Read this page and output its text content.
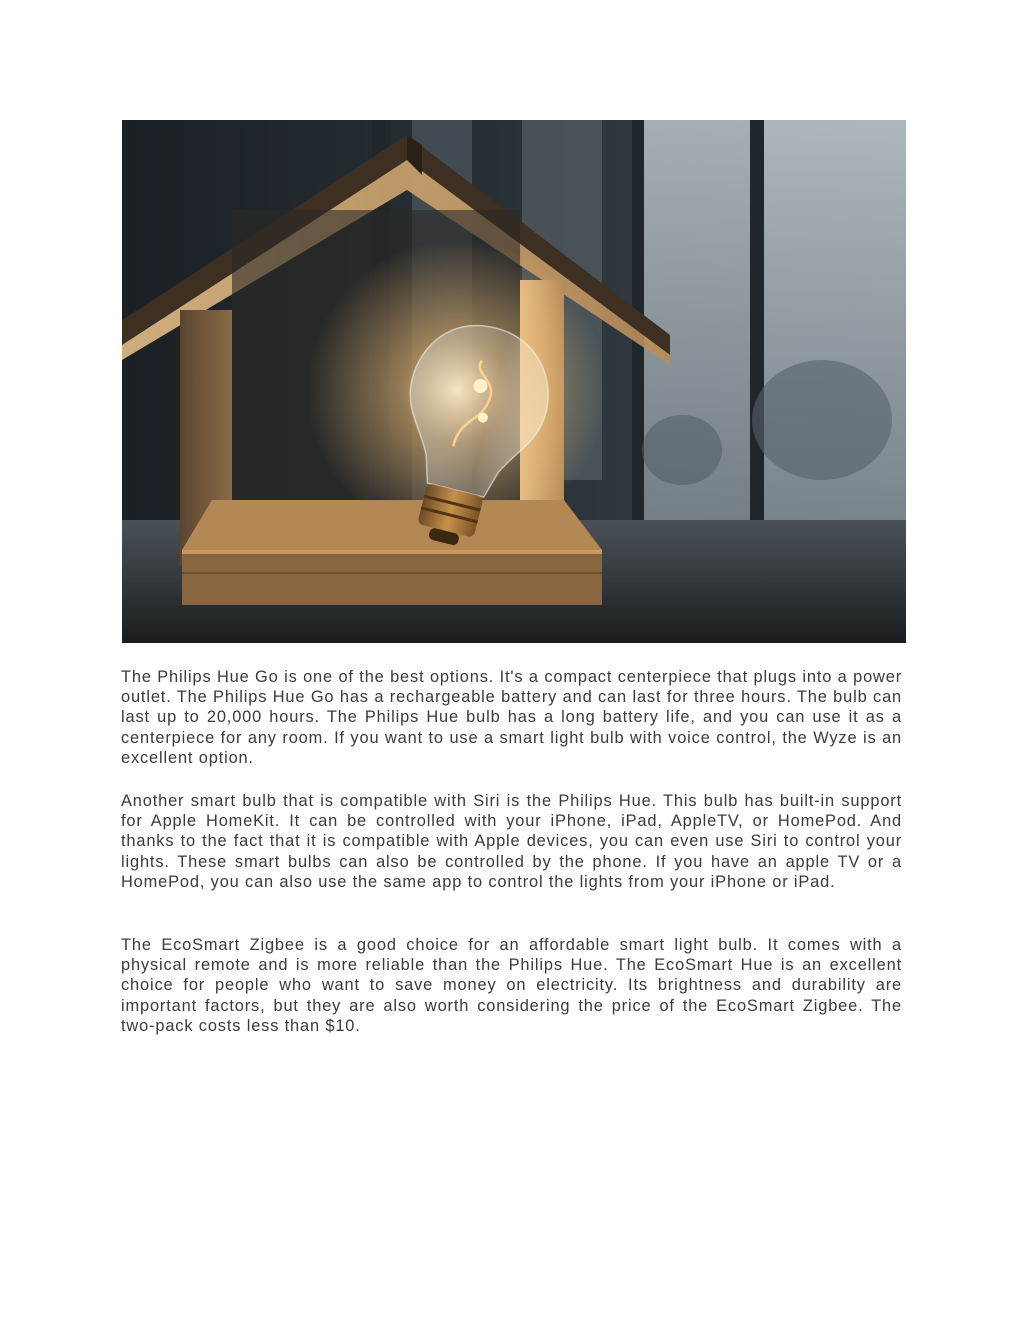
The Philips Hue Go is one of the best options. It's a compact centerpiece that plugs into a power outlet. The Philips Hue Go has a rechargeable battery and can last for three hours. The bulb can last up to 20,000 hours. The Philips Hue bulb has a long battery life, and you can use it as a centerpiece for any room. If you want to use a smart light bulb with voice control, the Wyze is an excellent option.

Another smart bulb that is compatible with Siri is the Philips Hue. This bulb has built-in support for Apple HomeKit. It can be controlled with your iPhone, iPad, AppleTV, or HomePod. And thanks to the fact that it is compatible with Apple devices, you can even use Siri to control your lights. These smart bulbs can also be controlled by the phone. If you have an apple TV or a HomePod, you can also use the same app to control the lights from your iPhone or iPad.

The EcoSmart Zigbee is a good choice for an affordable smart light bulb. It comes with a physical remote and is more reliable than the Philips Hue. The EcoSmart Hue is an excellent choice for people who want to save money on electricity. Its brightness and durability are important factors, but they are also worth considering the price of the EcoSmart Zigbee. The two-pack costs less than $10.
